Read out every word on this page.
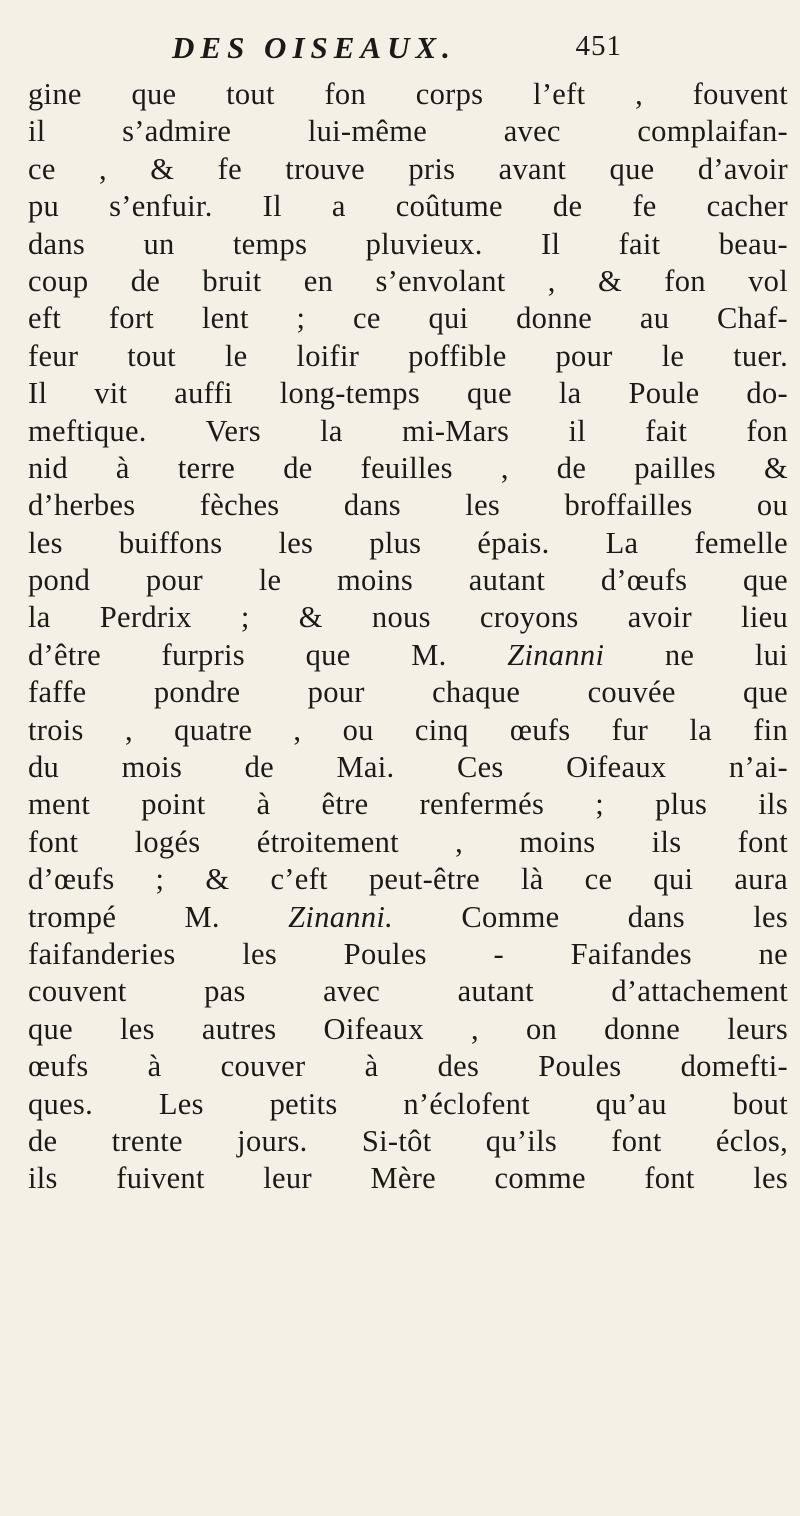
DES OISEAUX.	451
gine que tout fon corps l’eft , fouvent
il s’admire lui-même avec complaifan-
ce , & fe trouve pris avant que d’avoir
pu s’enfuir. Il a coûtume de fe cacher
dans un temps pluvieux. Il fait beau-
coup de bruit en s’envolant , & fon vol
eft fort lent ; ce qui donne au Chaf-
feur tout le loifir poffible pour le tuer.
Il vit auffi long-temps que la Poule do-
meftique. Vers la mi-Mars il fait fon
nid à terre de feuilles , de pailles &
d’herbes fèches dans les broffailles ou
les buiffons les plus épais. La femelle
pond pour le moins autant d’œufs que
la Perdrix ; & nous croyons avoir lieu
d’être furpris que M. Zinanni ne lui
faffe pondre pour chaque couvée que
trois , quatre , ou cinq œufs fur la fin
du mois de Mai. Ces Oifeaux n’ai-
ment point à être renfermés ; plus ils
font logés étroitement , moins ils font
d’œufs ; & c’eft peut-être là ce qui aura
trompé M. Zinanni. Comme dans les
faifanderies les Poules - Faifandes ne
couvent pas avec autant d’attachement
que les autres Oifeaux , on donne leurs
œufs à couver à des Poules domefti-
ques. Les petits n’éclofent qu’au bout
de trente jours. Si-tôt qu’ils font éclos,
ils fuivent leur Mère comme font les
